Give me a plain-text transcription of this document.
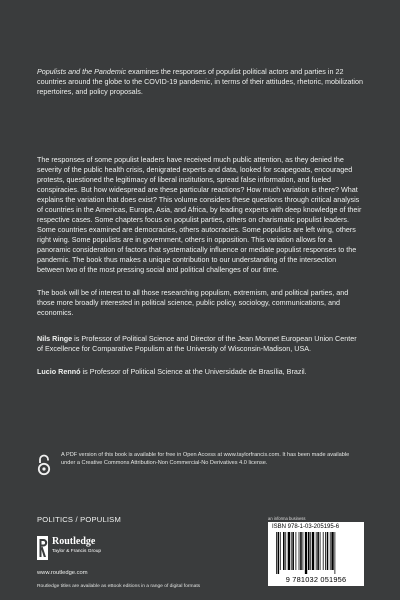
Populists and the Pandemic examines the responses of populist political actors and parties in 22 countries around the globe to the COVID-19 pandemic, in terms of their attitudes, rhetoric, mobilization repertoires, and policy proposals.

The responses of some populist leaders have received much public attention, as they denied the severity of the public health crisis, denigrated experts and data, looked for scapegoats, encouraged protests, questioned the legitimacy of liberal institutions, spread false information, and fueled conspiracies. But how widespread are these particular reactions? How much variation is there? What explains the variation that does exist? This volume considers these questions through critical analysis of countries in the Americas, Europe, Asia, and Africa, by leading experts with deep knowledge of their respective cases. Some chapters focus on populist parties, others on charismatic populist leaders. Some countries examined are democracies, others autocracies. Some populists are left wing, others right wing. Some populists are in government, others in opposition. This variation allows for a panoramic consideration of factors that systematically influence or mediate populist responses to the pandemic. The book thus makes a unique contribution to our understanding of the intersection between two of the most pressing social and political challenges of our time.

The book will be of interest to all those researching populism, extremism, and political parties, and those more broadly interested in political science, public policy, sociology, communications, and economics.

Nils Ringe is Professor of Political Science and Director of the Jean Monnet European Union Center of Excellence for Comparative Populism at the University of Wisconsin-Madison, USA.

Lucio Rennó is Professor of Political Science at the Universidade de Brasília, Brazil.

A PDF version of this book is available for free in Open Access at www.taylorfrancis.com. It has been made available under a Creative Commons Attribution-Non Commercial-No Derivatives 4.0 license.
POLITICS / POPULISM
Routledge
Taylor & Francis Group
www.routledge.com
Routledge titles are available as eBook editions in a range of digital formats
an informa business
ISBN 978-1-03-205195-6
9 781032 051956
